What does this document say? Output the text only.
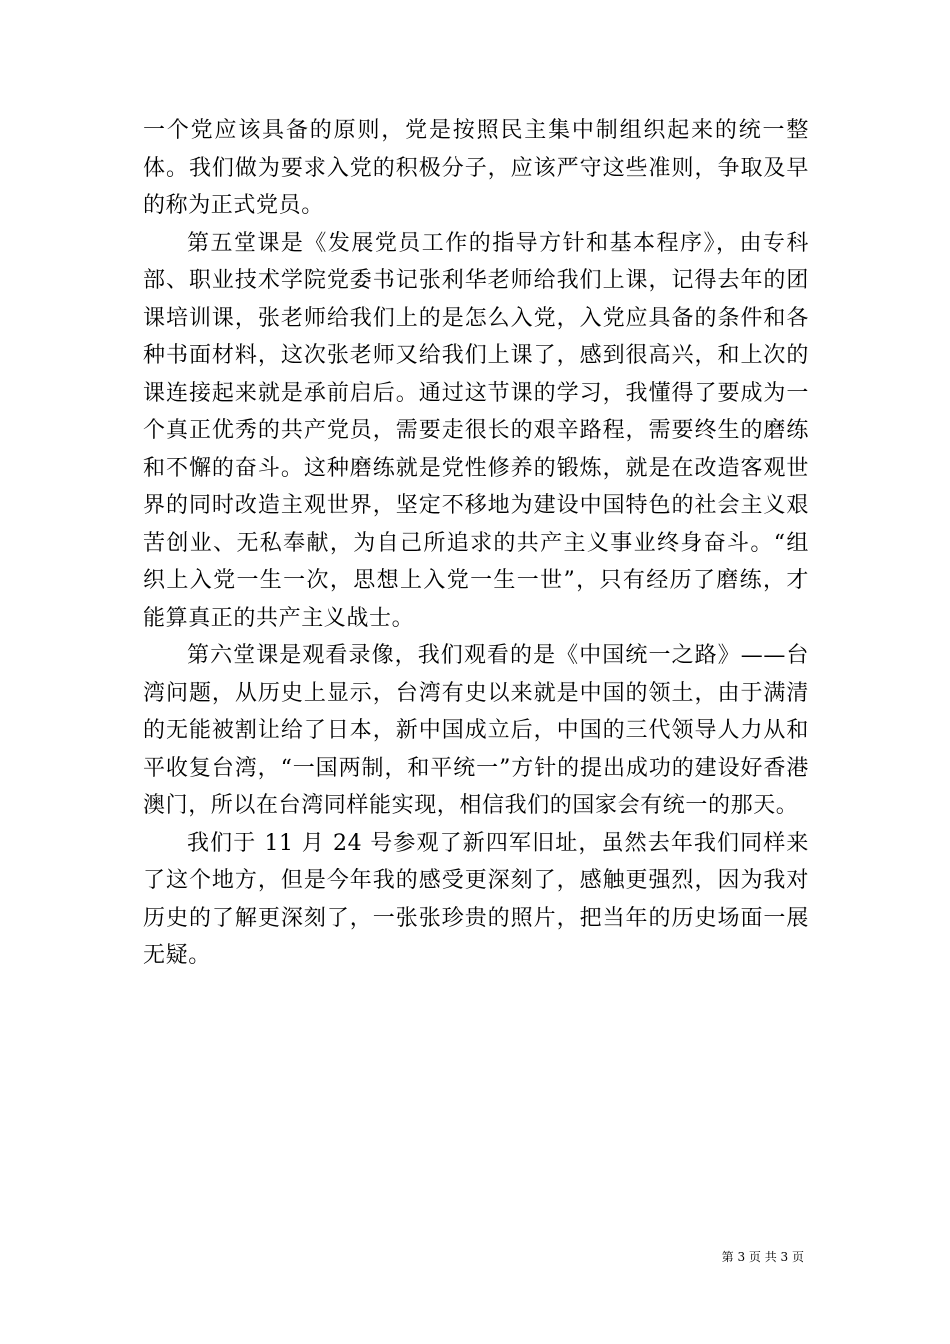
一个党应该具备的原则，党是按照民主集中制组织起来的统一整体。我们做为要求入党的积极分子，应该严守这些准则，争取及早的称为正式党员。

第五堂课是《发展党员工作的指导方针和基本程序》，由专科部、职业技术学院党委书记张利华老师给我们上课，记得去年的团课培训课，张老师给我们上的是怎么入党，入党应具备的条件和各种书面材料，这次张老师又给我们上课了，感到很高兴，和上次的课连接起来就是承前启后。通过这节课的学习，我懂得了要成为一个真正优秀的共产党员，需要走很长的艰辛路程，需要终生的磨练和不懈的奋斗。这种磨练就是党性修养的锻炼，就是在改造客观世界的同时改造主观世界，坚定不移地为建设中国特色的社会主义艰苦创业、无私奉献，为自己所追求的共产主义事业终身奋斗。“组织上入党一生一次，思想上入党一生一世”，只有经历了磨练，才能算真正的共产主义战士。

第六堂课是观看录像，我们观看的是《中国统一之路》——台湾问题，从历史上显示，台湾有史以来就是中国的领土，由于满清的无能被割让给了日本，新中国成立后，中国的三代领导人力从和平收复台湾，“一国两制，和平统一”方针的提出成功的建设好香港澳门，所以在台湾同样能实现，相信我们的国家会有统一的那天。

我们于 11 月 24 号参观了新四军旧址，虽然去年我们同样来了这个地方，但是今年我的感受更深刻了，感触更强烈，因为我对历史的了解更深刻了，一张张珍贵的照片，把当年的历史场面一展无疑。

第 3 页 共 3 页
